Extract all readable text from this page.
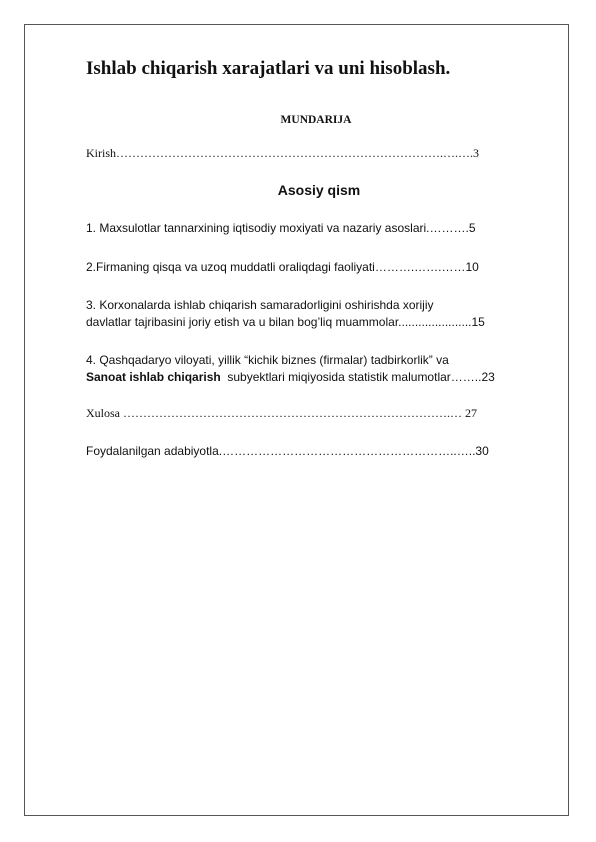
Ishlab chiqarish xarajatlari va uni hisoblash.

MUNDARIJA

Kirish……………………………………………………………………….….….3

Asosiy qism

1. Maxsulotlar tannarxining iqtisodiy moxiyati va nazariy asoslari.……….5
2.Firmaning qisqa va uzoq muddatli oraliqdagi faoliyati……….…….……10
3. Korxonalarda ishlab chiqarish samaradorligini oshirishda xorijiy
davlatlar tajribasini joriy etish va u bilan bog’liq muammolar......................15
4. Qashqadaryo viloyati, yillik “kichik biznes (firmalar) tadbirkorlik” va
Sanoat ishlab chiqarish  subyektlari miqiyosida statistik malumotlar……..23
Xulosa ……………………………………………………………………….… 27
Foydalanilgan adabiyotla.…………………………………………………..…..30
